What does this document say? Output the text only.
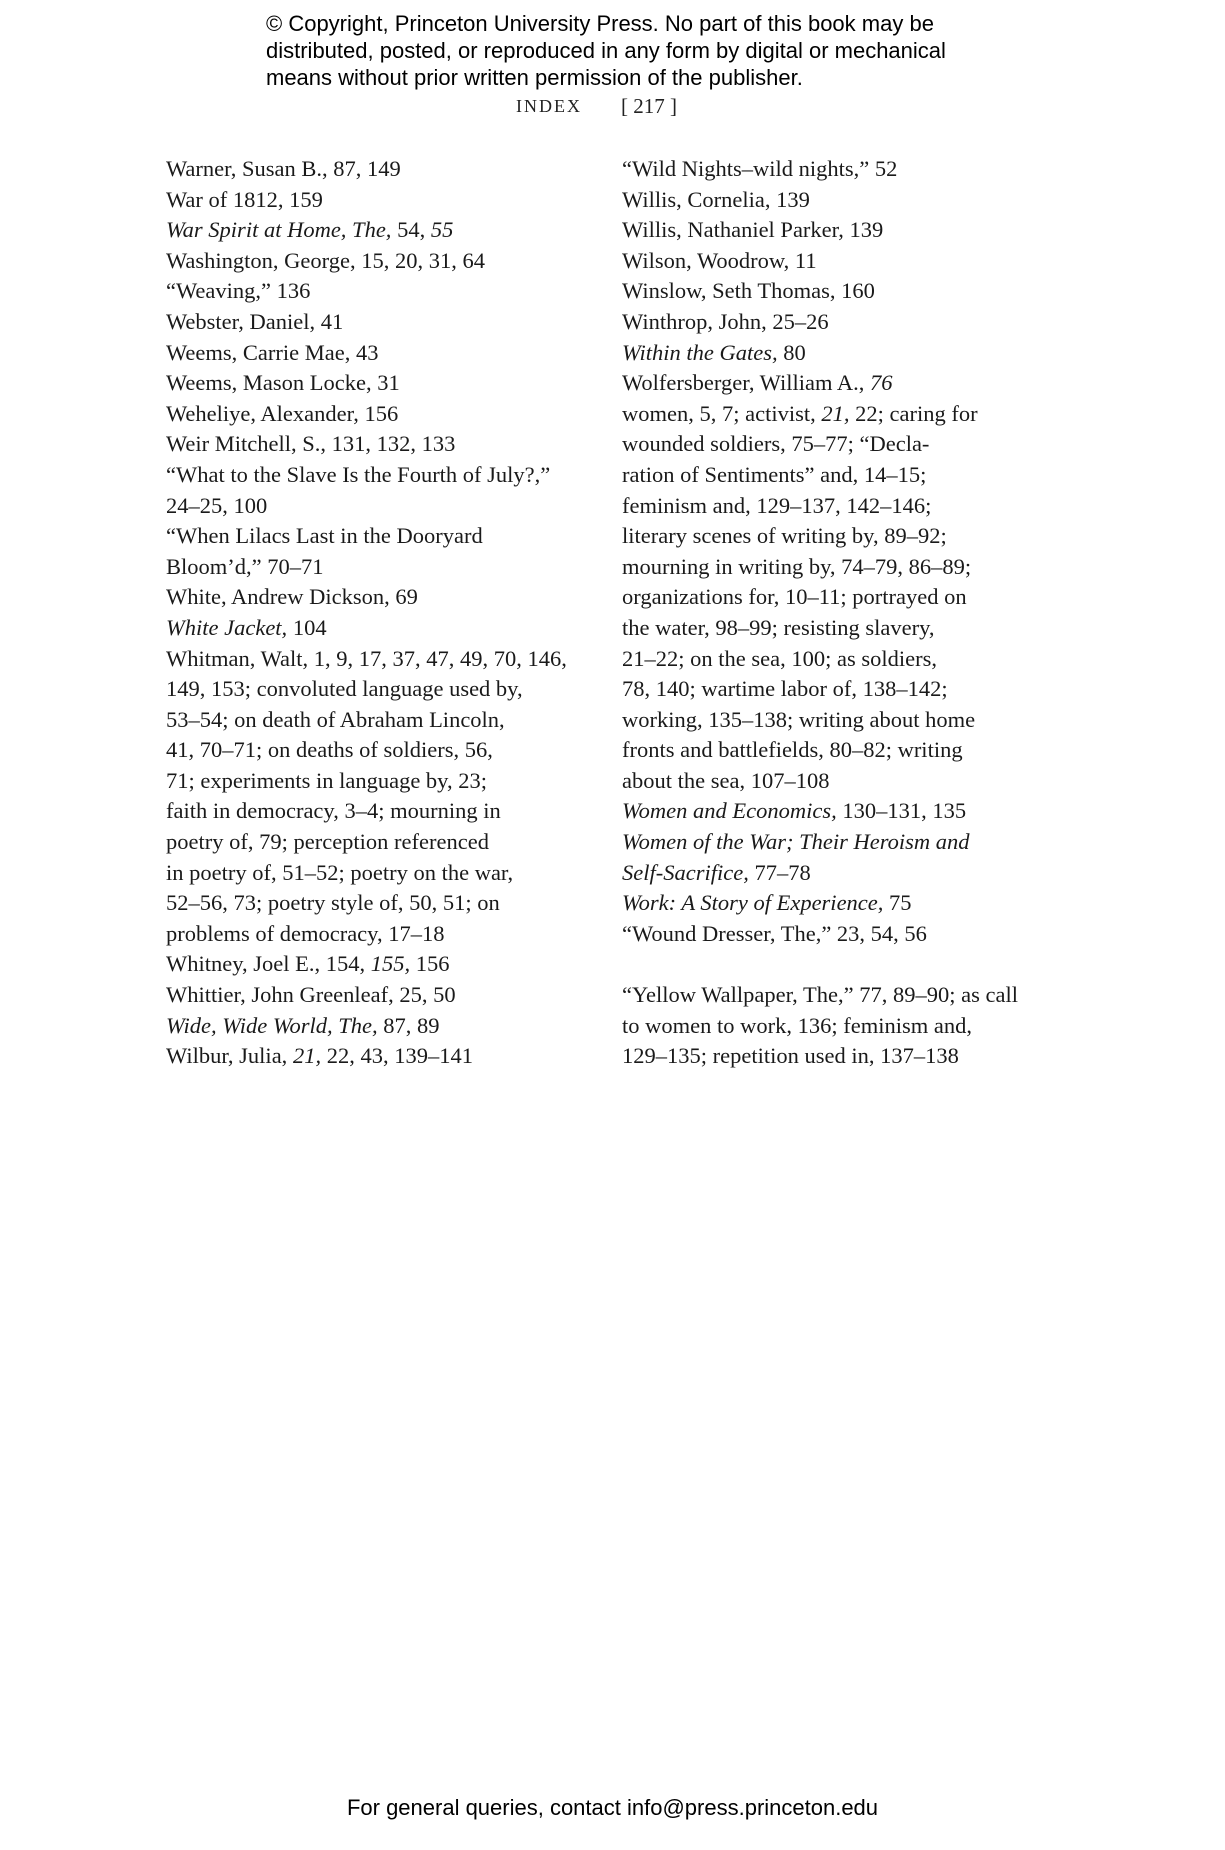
© Copyright, Princeton University Press. No part of this book may be
distributed, posted, or reproduced in any form by digital or mechanical
means without prior written permission of the publisher.
INDEX [ 217 ]
Warner, Susan B., 87, 149
War of 1812, 159
War Spirit at Home, The, 54, 55
Washington, George, 15, 20, 31, 64
“Weaving,” 136
Webster, Daniel, 41
Weems, Carrie Mae, 43
Weems, Mason Locke, 31
Weheliye, Alexander, 156
Weir Mitchell, S., 131, 132, 133
“What to the Slave Is the Fourth of July?,”
24–25, 100
“When Lilacs Last in the Dooryard
Bloom’d,” 70–71
White, Andrew Dickson, 69
White Jacket, 104
Whitman, Walt, 1, 9, 17, 37, 47, 49, 70, 146,
149, 153; convoluted language used by,
53–54; on death of Abraham Lincoln,
41, 70–71; on deaths of soldiers, 56,
71; experiments in language by, 23;
faith in democracy, 3–4; mourning in
poetry of, 79; perception referenced
in poetry of, 51–52; poetry on the war,
52–56, 73; poetry style of, 50, 51; on
problems of democracy, 17–18
Whitney, Joel E., 154, 155, 156
Whittier, John Greenleaf, 25, 50
Wide, Wide World, The, 87, 89
Wilbur, Julia, 21, 22, 43, 139–141
“Wild Nights–wild nights,” 52
Willis, Cornelia, 139
Willis, Nathaniel Parker, 139
Wilson, Woodrow, 11
Winslow, Seth Thomas, 160
Winthrop, John, 25–26
Within the Gates, 80
Wolfersberger, William A., 76
women, 5, 7; activist, 21, 22; caring for
wounded soldiers, 75–77; “Decla-
ration of Sentiments” and, 14–15;
feminism and, 129–137, 142–146;
literary scenes of writing by, 89–92;
mourning in writing by, 74–79, 86–89;
organizations for, 10–11; portrayed on
the water, 98–99; resisting slavery,
21–22; on the sea, 100; as soldiers,
78, 140; wartime labor of, 138–142;
working, 135–138; writing about home
fronts and battlefields, 80–82; writing
about the sea, 107–108
Women and Economics, 130–131, 135
Women of the War; Their Heroism and
Self-Sacrifice, 77–78
Work: A Story of Experience, 75
“Wound Dresser, The,” 23, 54, 56
“Yellow Wallpaper, The,” 77, 89–90; as call
to women to work, 136; feminism and,
129–135; repetition used in, 137–138
For general queries, contact info@press.princeton.edu
